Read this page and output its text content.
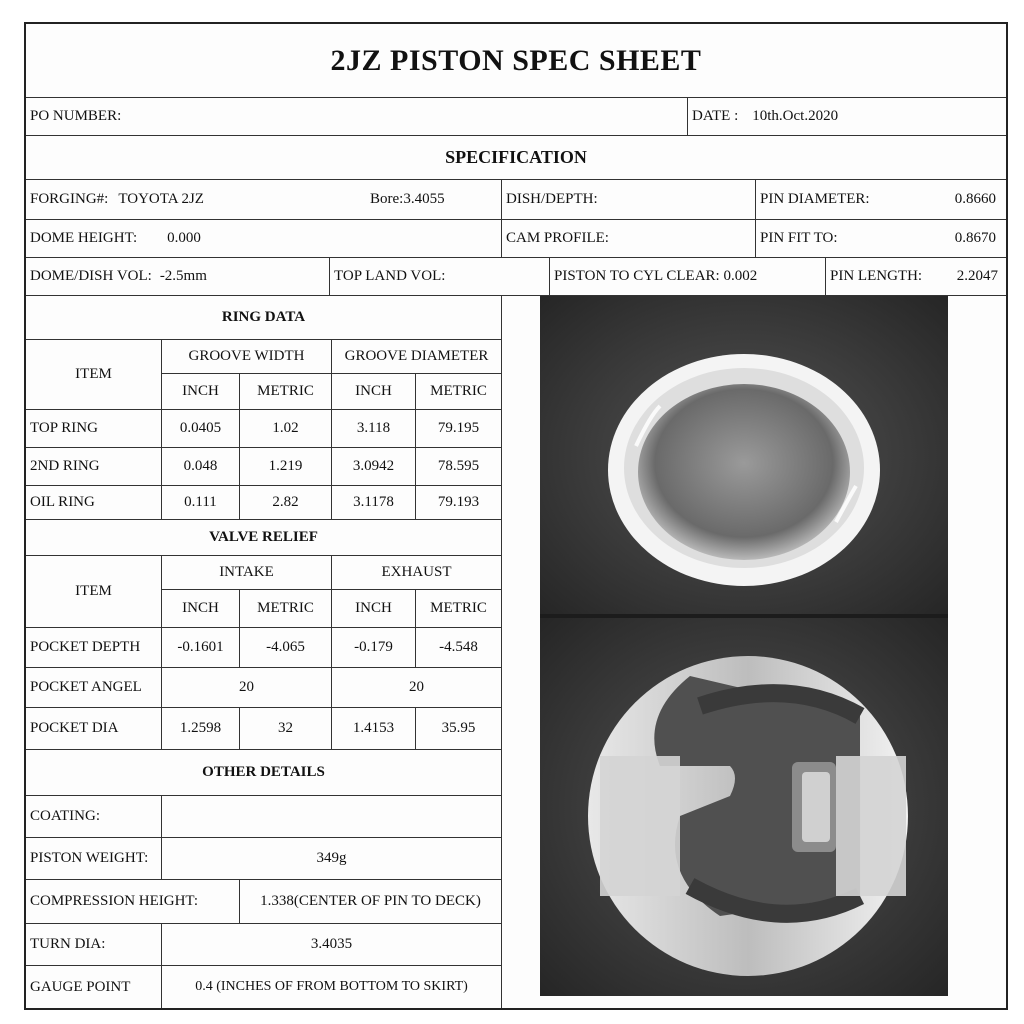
2JZ PISTON SPEC SHEET
PO NUMBER:	DATE : 10th.Oct.2020
SPECIFICATION
FORGING#: TOYOTA 2JZ	Bore:3.4055	DISH/DEPTH:	PIN DIAMETER:	0.8660
DOME HEIGHT: 0.000	CAM PROFILE:	PIN FIT TO:	0.8670
DOME/DISH VOL: -2.5mm	TOP LAND VOL:	PISTON TO CYL CLEAR: 0.002	PIN LENGTH: 2.2047
RING DATA
ITEM
GROOVE WIDTH	GROOVE DIAMETER
INCH	METRIC	INCH	METRIC
TOP RING	0.0405	1.02	3.118	79.195
2ND RING	0.048	1.219	3.0942	78.595
OIL RING	0.111	2.82	3.1178	79.193
VALVE RELIEF
ITEM
INTAKE	EXHAUST
INCH	METRIC	INCH	METRIC
POCKET DEPTH	-0.1601	-4.065	-0.179	-4.548
POCKET ANGEL	20	20
POCKET DIA	1.2598	32	1.4153	35.95
OTHER DETAILS
COATING:
PISTON WEIGHT:	349g
COMPRESSION HEIGHT:	1.338(CENTER OF PIN TO DECK)
TURN DIA:	3.4035
GAUGE POINT	0.4 (INCHES OF FROM BOTTOM TO SKIRT)
